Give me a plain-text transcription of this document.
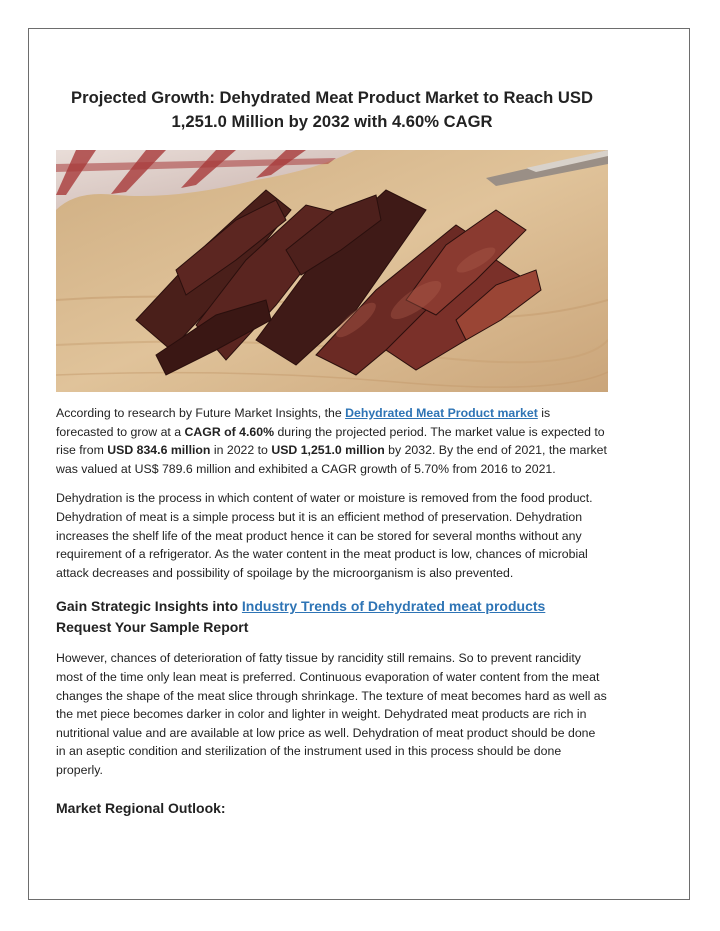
Projected Growth: Dehydrated Meat Product Market to Reach USD 1,251.0 Million by 2032 with 4.60% CAGR

According to research by Future Market Insights, the Dehydrated Meat Product market is forecasted to grow at a CAGR of 4.60% during the projected period. The market value is expected to rise from USD 834.6 million in 2022 to USD 1,251.0 million by 2032. By the end of 2021, the market was valued at US$ 789.6 million and exhibited a CAGR growth of 5.70% from 2016 to 2021.

Dehydration is the process in which content of water or moisture is removed from the food product. Dehydration of meat is a simple process but it is an efficient method of preservation. Dehydration increases the shelf life of the meat product hence it can be stored for several months without any requirement of a refrigerator. As the water content in the meat product is low, chances of microbial attack decreases and possibility of spoilage by the microorganism is also prevented.

Gain Strategic Insights into Industry Trends of Dehydrated meat products
Request Your Sample Report

However, chances of deterioration of fatty tissue by rancidity still remains. So to prevent rancidity most of the time only lean meat is preferred. Continuous evaporation of water content from the meat changes the shape of the meat slice through shrinkage. The texture of meat becomes hard as well as the met piece becomes darker in color and lighter in weight. Dehydrated meat products are rich in nutritional value and are available at low price as well. Dehydration of meat product should be done in an aseptic condition and sterilization of the instrument used in this process should be done properly.

Market Regional Outlook:
